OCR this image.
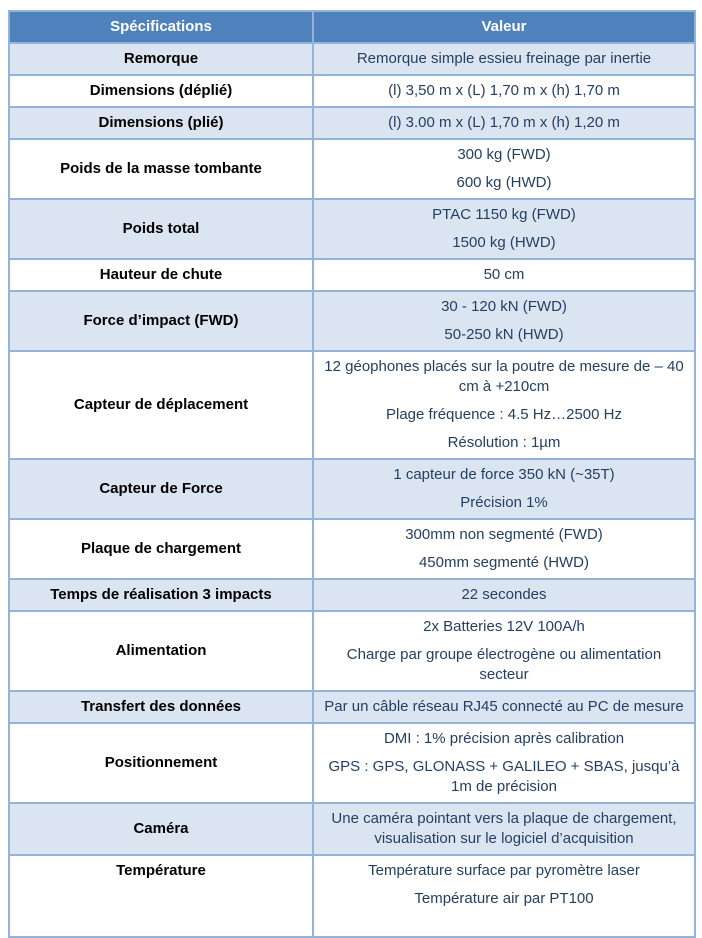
Spécifications	Valeur
Remorque	Remorque simple essieu freinage par inertie

Dimensions (déplié)	(l) 3,50 m x (L) 1,70 m x (h) 1,70 m

Dimensions (plié)	(l) 3.00 m x (L) 1,70 m x (h) 1,20 m

Poids de la masse tombante	300 kg (FWD)

600 kg (HWD)

Poids total	PTAC 1150 kg (FWD)

1500 kg (HWD)

Hauteur de chute	50 cm

Force d’impact (FWD)	30 - 120 kN (FWD)

50-250 kN (HWD)

Capteur de déplacement	12 géophones placés sur la poutre de mesure de – 40 cm à +210cm

Plage fréquence : 4.5 Hz…2500 Hz

Résolution : 1µm

Capteur de Force	1 capteur de force 350 kN (~35T)

Précision 1%

Plaque de chargement	300mm non segmenté (FWD)

450mm segmenté (HWD)

Temps de réalisation 3 impacts	22 secondes

Alimentation	2x Batteries 12V 100A/h

Charge par groupe électrogène ou alimentation secteur

Transfert des données	Par un câble réseau RJ45 connecté au PC de mesure

Positionnement	DMI : 1% précision après calibration

GPS : GPS, GLONASS + GALILEO + SBAS, jusqu’à 1m de précision

Caméra	Une caméra pointant vers la plaque de chargement, visualisation sur le logiciel d’acquisition

Température	Température surface par pyromètre laser

Température air par PT100
